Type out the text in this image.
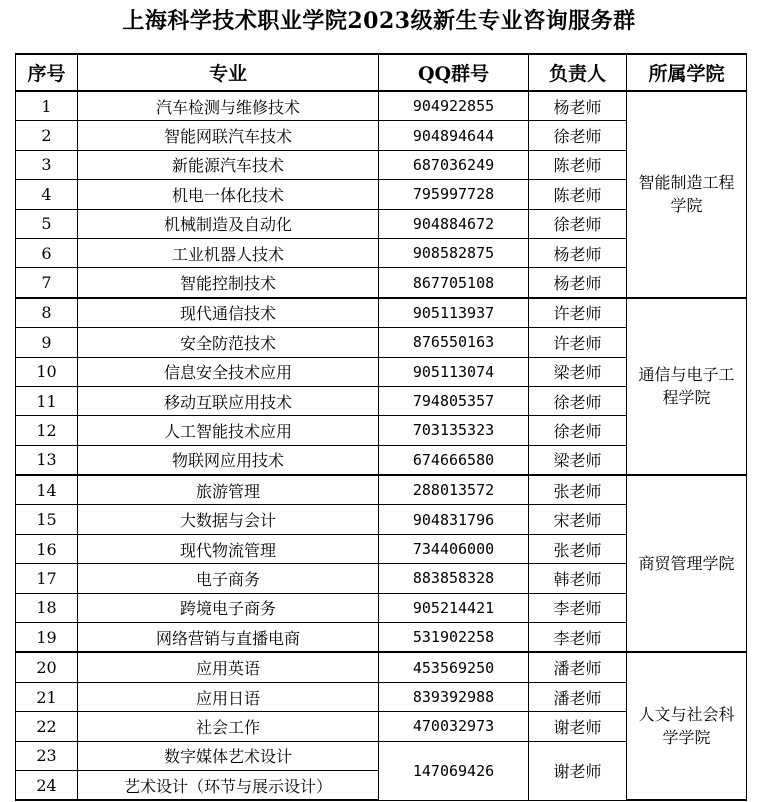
上海科学技术职业学院2023级新生专业咨询服务群
序号	专业	QQ群号	负责人	所属学院
1	汽车检测与维修技术	904922855	杨老师	智能制造工程学院
2	智能网联汽车技术	904894644	徐老师	
3	新能源汽车技术	687036249	陈老师	
4	机电一体化技术	795997728	陈老师	
5	机械制造及自动化	904884672	徐老师	
6	工业机器人技术	908582875	杨老师	
7	智能控制技术	867705108	杨老师	
8	现代通信技术	905113937	许老师	通信与电子工程学院
9	安全防范技术	876550163	许老师	
10	信息安全技术应用	905113074	梁老师	
11	移动互联应用技术	794805357	徐老师	
12	人工智能技术应用	703135323	徐老师	
13	物联网应用技术	674666580	梁老师	
14	旅游管理	288013572	张老师	商贸管理学院
15	大数据与会计	904831796	宋老师	
16	现代物流管理	734406000	张老师	
17	电子商务	883858328	韩老师	
18	跨境电子商务	905214421	李老师	
19	网络营销与直播电商	531902258	李老师	
20	应用英语	453569250	潘老师	人文与社会科学学院
21	应用日语	839392988	潘老师	
22	社会工作	470032973	谢老师	
23	数字媒体艺术设计	147069426	谢老师	
24	艺术设计（环节与展示设计）			
